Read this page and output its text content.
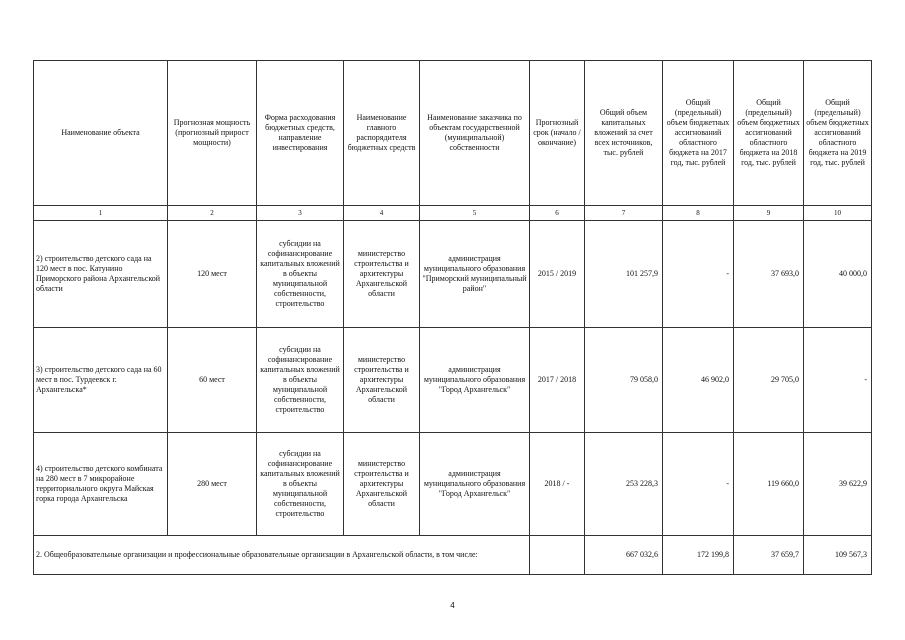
Наименование объекта	Прогнозная мощность (прогнозный прирост мощности)	Форма расходования бюджетных средств, направление инвестирования	Наименование главного распорядителя бюджетных средств	Наименование заказчика по объектам государственной (муниципальной) собственности	Прогнозный срок (начало / окончание)	Общий объем капитальных вложений за счет всех источников, тыс. рублей	Общий (предельный) объем бюджетных ассигнований областного бюджета на 2017 год, тыс. рублей	Общий (предельный) объем бюджетных ассигнований областного бюджета на 2018 год, тыс. рублей	Общий (предельный) объем бюджетных ассигнований областного бюджета на 2019 год, тыс. рублей
1	2	3	4	5	6	7	8	9	10
2) строительство детского сада на 120 мест в пос. Катунино Приморского района Архангельской области	120 мест	субсидии на софинансирование капитальных вложений в объекты муниципальной собственности, строительство	министерство строительства и архитектуры Архангельской области	администрация муниципального образования "Приморский муниципальный район"	2015 / 2019	101 257,9	-	37 693,0	40 000,0
3) строительство детского сада на 60 мест в пос. Турдеевск г. Архангельска*	60 мест	субсидии на софинансирование капитальных вложений в объекты муниципальной собственности, строительство	министерство строительства и архитектуры Архангельской области	администрация муниципального образования "Город Архангельск"	2017 / 2018	79 058,0	46 902,0	29 705,0	-
4) строительство детского комбината на 280 мест в 7 микрорайоне территориального округа Майская горка города Архангельска	280 мест	субсидии на софинансирование капитальных вложений в объекты муниципальной собственности, строительство	министерство строительства и архитектуры Архангельской области	администрация муниципального образования "Город Архангельск"	2018 / -	253 228,3	-	119 660,0	39 622,9
2. Общеобразовательные организации и профессиональные образовательные организации в Архангельской области, в том числе:						667 032,6	172 199,8	37 659,7	109 567,3
4
